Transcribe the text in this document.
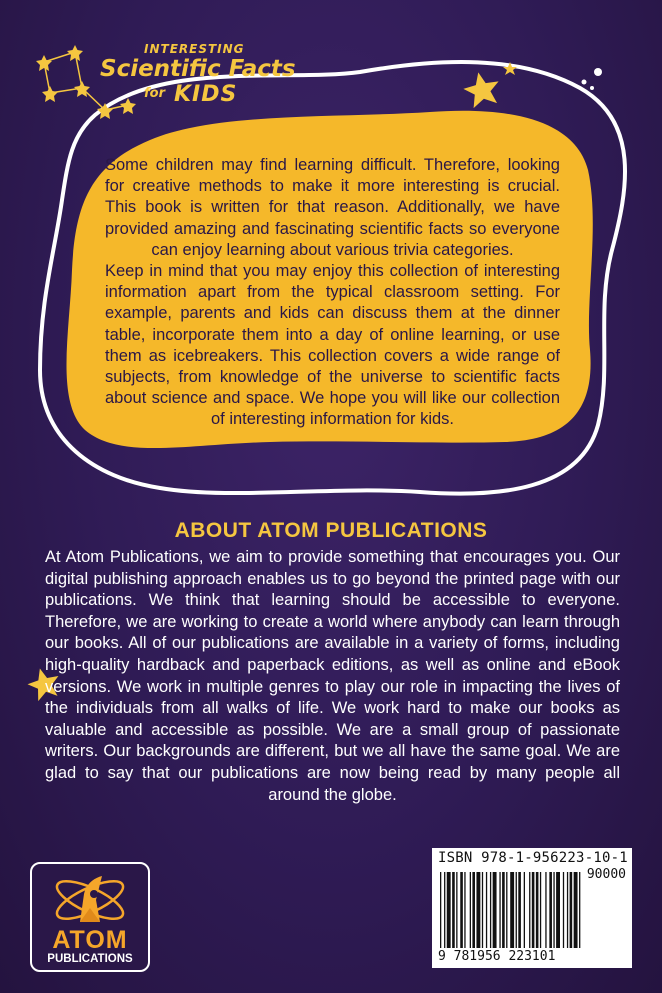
INTERESTING
Scientific Facts
for KIDS

Some children may find learning difficult. Therefore, looking for creative methods to make it more interesting is crucial. This book is written for that reason. Additionally, we have provided amazing and fascinating scientific facts so everyone can enjoy learning about various trivia categories.

Keep in mind that you may enjoy this collection of interesting information apart from the typical classroom setting. For example, parents and kids can discuss them at the dinner table, incorporate them into a day of online learning, or use them as icebreakers. This collection covers a wide range of subjects, from knowledge of the universe to scientific facts about science and space. We hope you will like our collection of interesting information for kids.

ABOUT ATOM PUBLICATIONS

At Atom Publications, we aim to provide something that encourages you. Our digital publishing approach enables us to go beyond the printed page with our publications. We think that learning should be accessible to everyone. Therefore, we are working to create a world where anybody can learn through our books. All of our publications are available in a variety of forms, including high-quality hardback and paperback editions, as well as online and eBook versions. We work in multiple genres to play our role in impacting the lives of the individuals from all walks of life. We work hard to make our books as valuable and accessible as possible. We are a small group of passionate writers. Our backgrounds are different, but we all have the same goal. We are glad to say that our publications are now being read by many people all around the globe.

ATOM
PUBLICATIONS
ISBN 978-1-956223-10-1
90000
9 781956 223101
